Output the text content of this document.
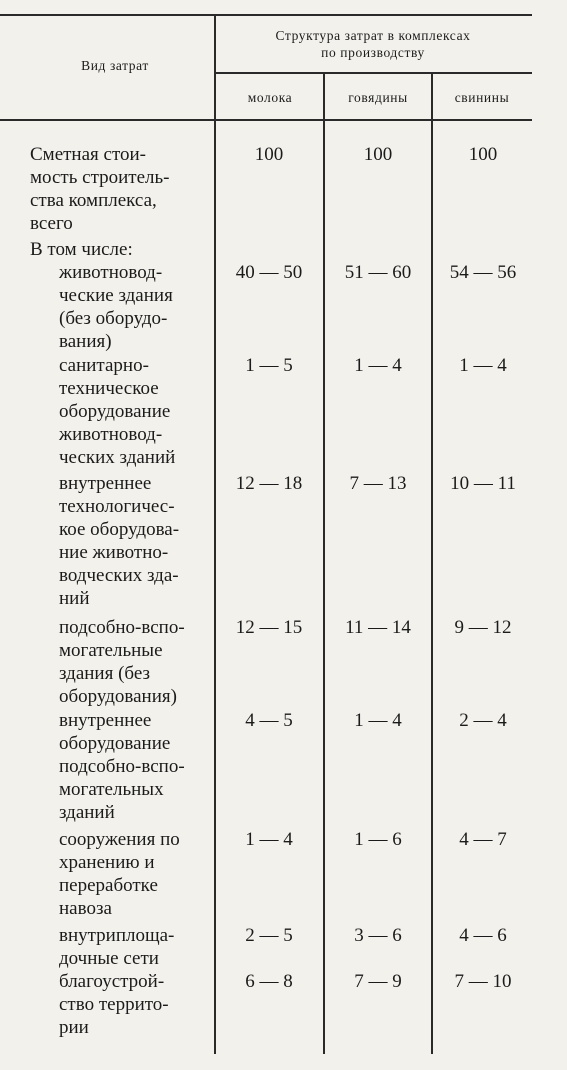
Вид затрат
Структура затрат в комплексах
по производству
молока	говядины	свинины
Сметная стои-
мость строитель-
ства комплекса,
всего
100	100	100
В том числе:
животновод-
ческие здания
(без оборудо-
вания)
40 — 50	51 — 60	54 — 56
санитарно-
техническое
оборудование
животновод-
ческих зданий
1 — 5	1 — 4	1 — 4
внутреннее
технологичес-
кое оборудова-
ние животно-
водческих зда-
ний
12 — 18	7 — 13	10 — 11
подсобно-вспо-
могательные
здания (без
оборудования)
12 — 15	11 — 14	9 — 12
внутреннее
оборудование
подсобно-вспо-
могательных
зданий
4 — 5	1 — 4	2 — 4
сооружения по
хранению и
переработке
навоза
1 — 4	1 — 6	4 — 7
внутриплоща-
дочные сети
2 — 5	3 — 6	4 — 6
благоустрой-
ство террито-
рии
6 — 8	7 — 9	7 — 10
